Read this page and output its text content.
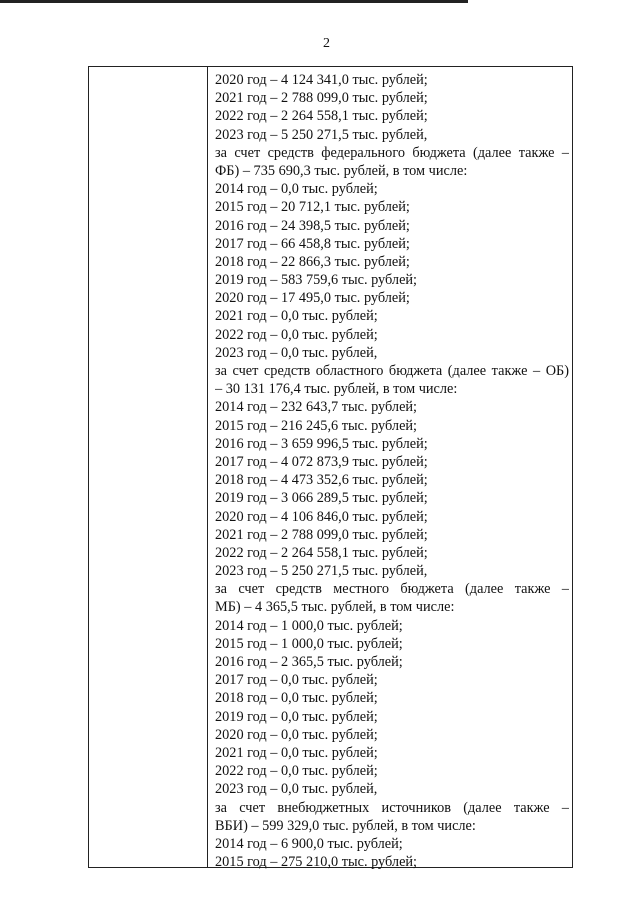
2
2020 год – 4 124 341,0 тыс. рублей;
2021 год – 2 788 099,0 тыс. рублей;
2022 год – 2 264 558,1 тыс. рублей;
2023 год – 5 250 271,5 тыс. рублей,
за счет средств федерального бюджета (далее также –
ФБ) – 735 690,3 тыс. рублей, в том числе:
2014 год – 0,0 тыс. рублей;
2015 год – 20 712,1 тыс. рублей;
2016 год – 24 398,5 тыс. рублей;
2017 год – 66 458,8 тыс. рублей;
2018 год – 22 866,3 тыс. рублей;
2019 год – 583 759,6 тыс. рублей;
2020 год – 17 495,0 тыс. рублей;
2021 год – 0,0 тыс. рублей;
2022 год – 0,0 тыс. рублей;
2023 год – 0,0 тыс. рублей,
за счет средств областного бюджета (далее также – ОБ)
– 30 131 176,4 тыс. рублей, в том числе:
2014 год – 232 643,7 тыс. рублей;
2015 год – 216 245,6 тыс. рублей;
2016 год – 3 659 996,5 тыс. рублей;
2017 год – 4 072 873,9 тыс. рублей;
2018 год – 4 473 352,6 тыс. рублей;
2019 год – 3 066 289,5 тыс. рублей;
2020 год – 4 106 846,0 тыс. рублей;
2021 год – 2 788 099,0 тыс. рублей;
2022 год – 2 264 558,1 тыс. рублей;
2023 год – 5 250 271,5 тыс. рублей,
за счет средств местного бюджета (далее также –
МБ) – 4 365,5 тыс. рублей, в том числе:
2014 год – 1 000,0 тыс. рублей;
2015 год – 1 000,0 тыс. рублей;
2016 год – 2 365,5 тыс. рублей;
2017 год – 0,0 тыс. рублей;
2018 год – 0,0 тыс. рублей;
2019 год – 0,0 тыс. рублей;
2020 год – 0,0 тыс. рублей;
2021 год – 0,0 тыс. рублей;
2022 год – 0,0 тыс. рублей;
2023 год – 0,0 тыс. рублей,
за счет внебюджетных источников (далее также –
ВБИ) – 599 329,0 тыс. рублей, в том числе:
2014 год – 6 900,0 тыс. рублей;
2015 год – 275 210,0 тыс. рублей;
